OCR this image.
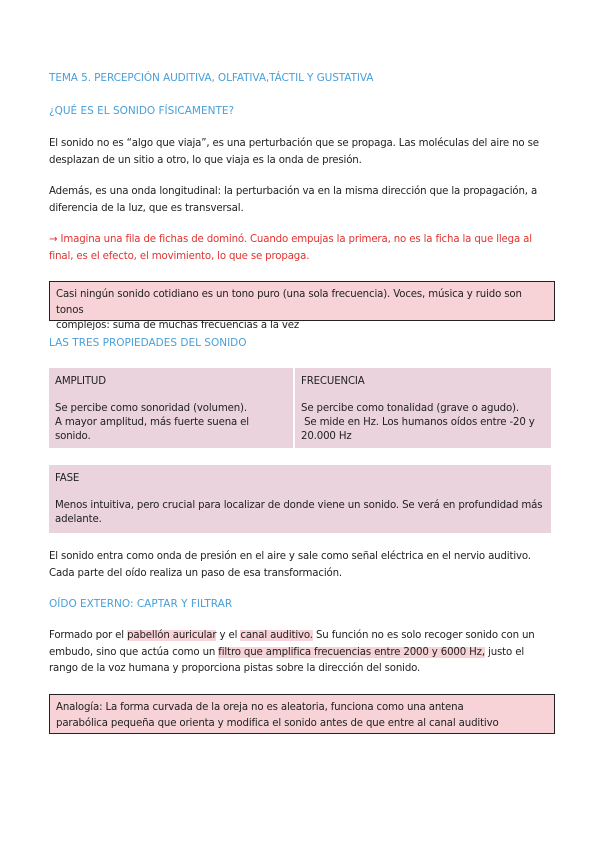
TEMA 5. PERCEPCIÓN AUDITIVA, OLFATIVA,TÁCTIL Y GUSTATIVA
¿QUÉ ES EL SONIDO FÍSICAMENTE?
El sonido no es “algo que viaja”, es una perturbación que se propaga. Las moléculas del aire no se
desplazan de un sitio a otro, lo que viaja es la onda de presión.
Además, es una onda longitudinal: la perturbación va en la misma dirección que la propagación, a
diferencia de la luz, que es transversal.
→ Imagina una fila de fichas de dominó. Cuando empujas la primera, no es la ficha la que llega al
final, es el efecto, el movimiento, lo que se propaga.
Casi ningún sonido cotidiano es un tono puro (una sola frecuencia). Voces, música y ruido son tonos
complejos: suma de muchas frecuencias a la vez
LAS TRES PROPIEDADES DEL SONIDO
AMPLITUD
Se percibe como sonoridad (volumen).
A mayor amplitud, más fuerte suena el sonido.
FRECUENCIA
Se percibe como tonalidad (grave o agudo).
Se mide en Hz. Los humanos oídos entre -20 y
20.000 Hz
FASE
Menos intuitiva, pero crucial para localizar de donde viene un sonido. Se verá en profundidad más
adelante.
El sonido entra como onda de presión en el aire y sale como señal eléctrica en el nervio auditivo.
Cada parte del oído realiza un paso de esa transformación.
OÍDO EXTERNO: CAPTAR Y FILTRAR
Formado por el pabellón auricular y el canal auditivo. Su función no es solo recoger sonido con un
embudo, sino que actúa como un filtro que amplifica frecuencias entre 2000 y 6000 Hz, justo el
rango de la voz humana y proporciona pistas sobre la dirección del sonido.
Analogía: La forma curvada de la oreja no es aleatoria, funciona como una antena
parabólica pequeña que orienta y modifica el sonido antes de que entre al canal auditivo
